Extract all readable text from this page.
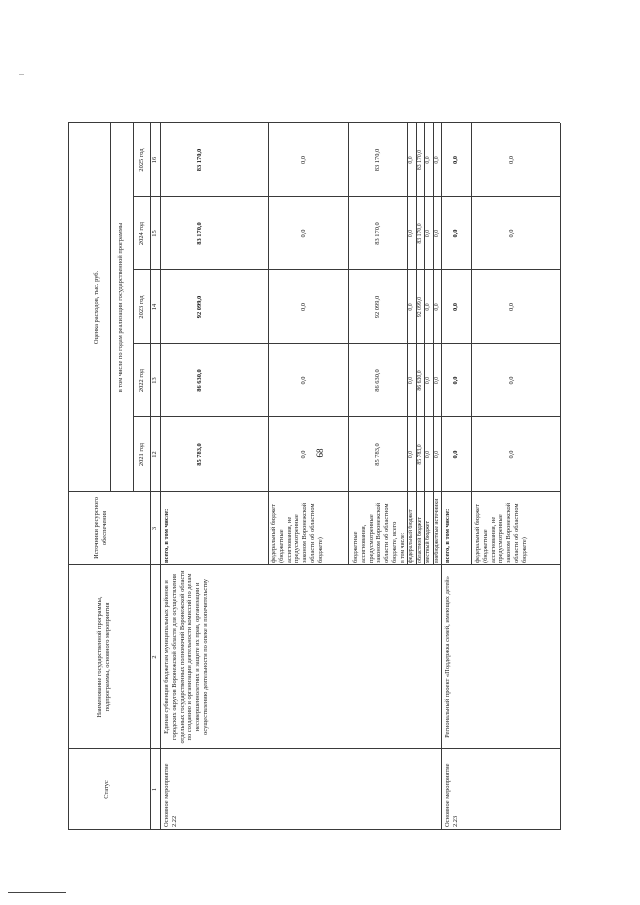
68
Статус
Наименование государственной программы, подпрограммы, основного мероприятия
Источники ресурсного обеспечения
Оценка расходов, тыс. руб.	в том числе по годам реализации государственной программы
2021 год
2022 год
2023 год
2024 год
2025 год
1
2
3
12
13
14
15
16
Основное мероприятие 2.22
Единая субвенция бюджетам муниципальных районов и городских округов Воронежской области для осуществления отдельных государственных полномочий Воронежской области по созданию и организации деятельности комиссий по делам несовершеннолетних и защите их прав, организации и осуществлению деятельности по опеке и попечительству
всего, в том числе:
85 783,0
86 630,0
92 099,0
83 170,0
83 170,0
федеральный бюджет (бюджетные ассигнования, не предусмотренные законом Воронежской области об областном бюджете)
0,0
0,0
0,0
0,0
0,0
бюджетные ассигнования, предусмотренные законом Воронежской области об областном бюджете, всего
85 783,0
86 630,0
92 099,0
83 170,0
83 170,0
в том числе: федеральный бюджет
0,0
0,0
0,0
0,0
0,0
областной бюджет
85 783,0
86 630,0
92 099,0
83 170,0
83 170,0
местный бюджет
0,0
0,0
0,0
0,0
0,0
внебюджетные источники
0,0
0,0
0,0
0,0
0,0
Основное мероприятие 2.23
Региональный проект «Поддержка семей, имеющих детей»
всего, в том числе:
0,0
0,0
0,0
0,0
0,0
федеральный бюджет (бюджетные ассигнования, не предусмотренные законом Воронежской области об областном бюджете)
0,0
0,0
0,0
0,0
0,0
